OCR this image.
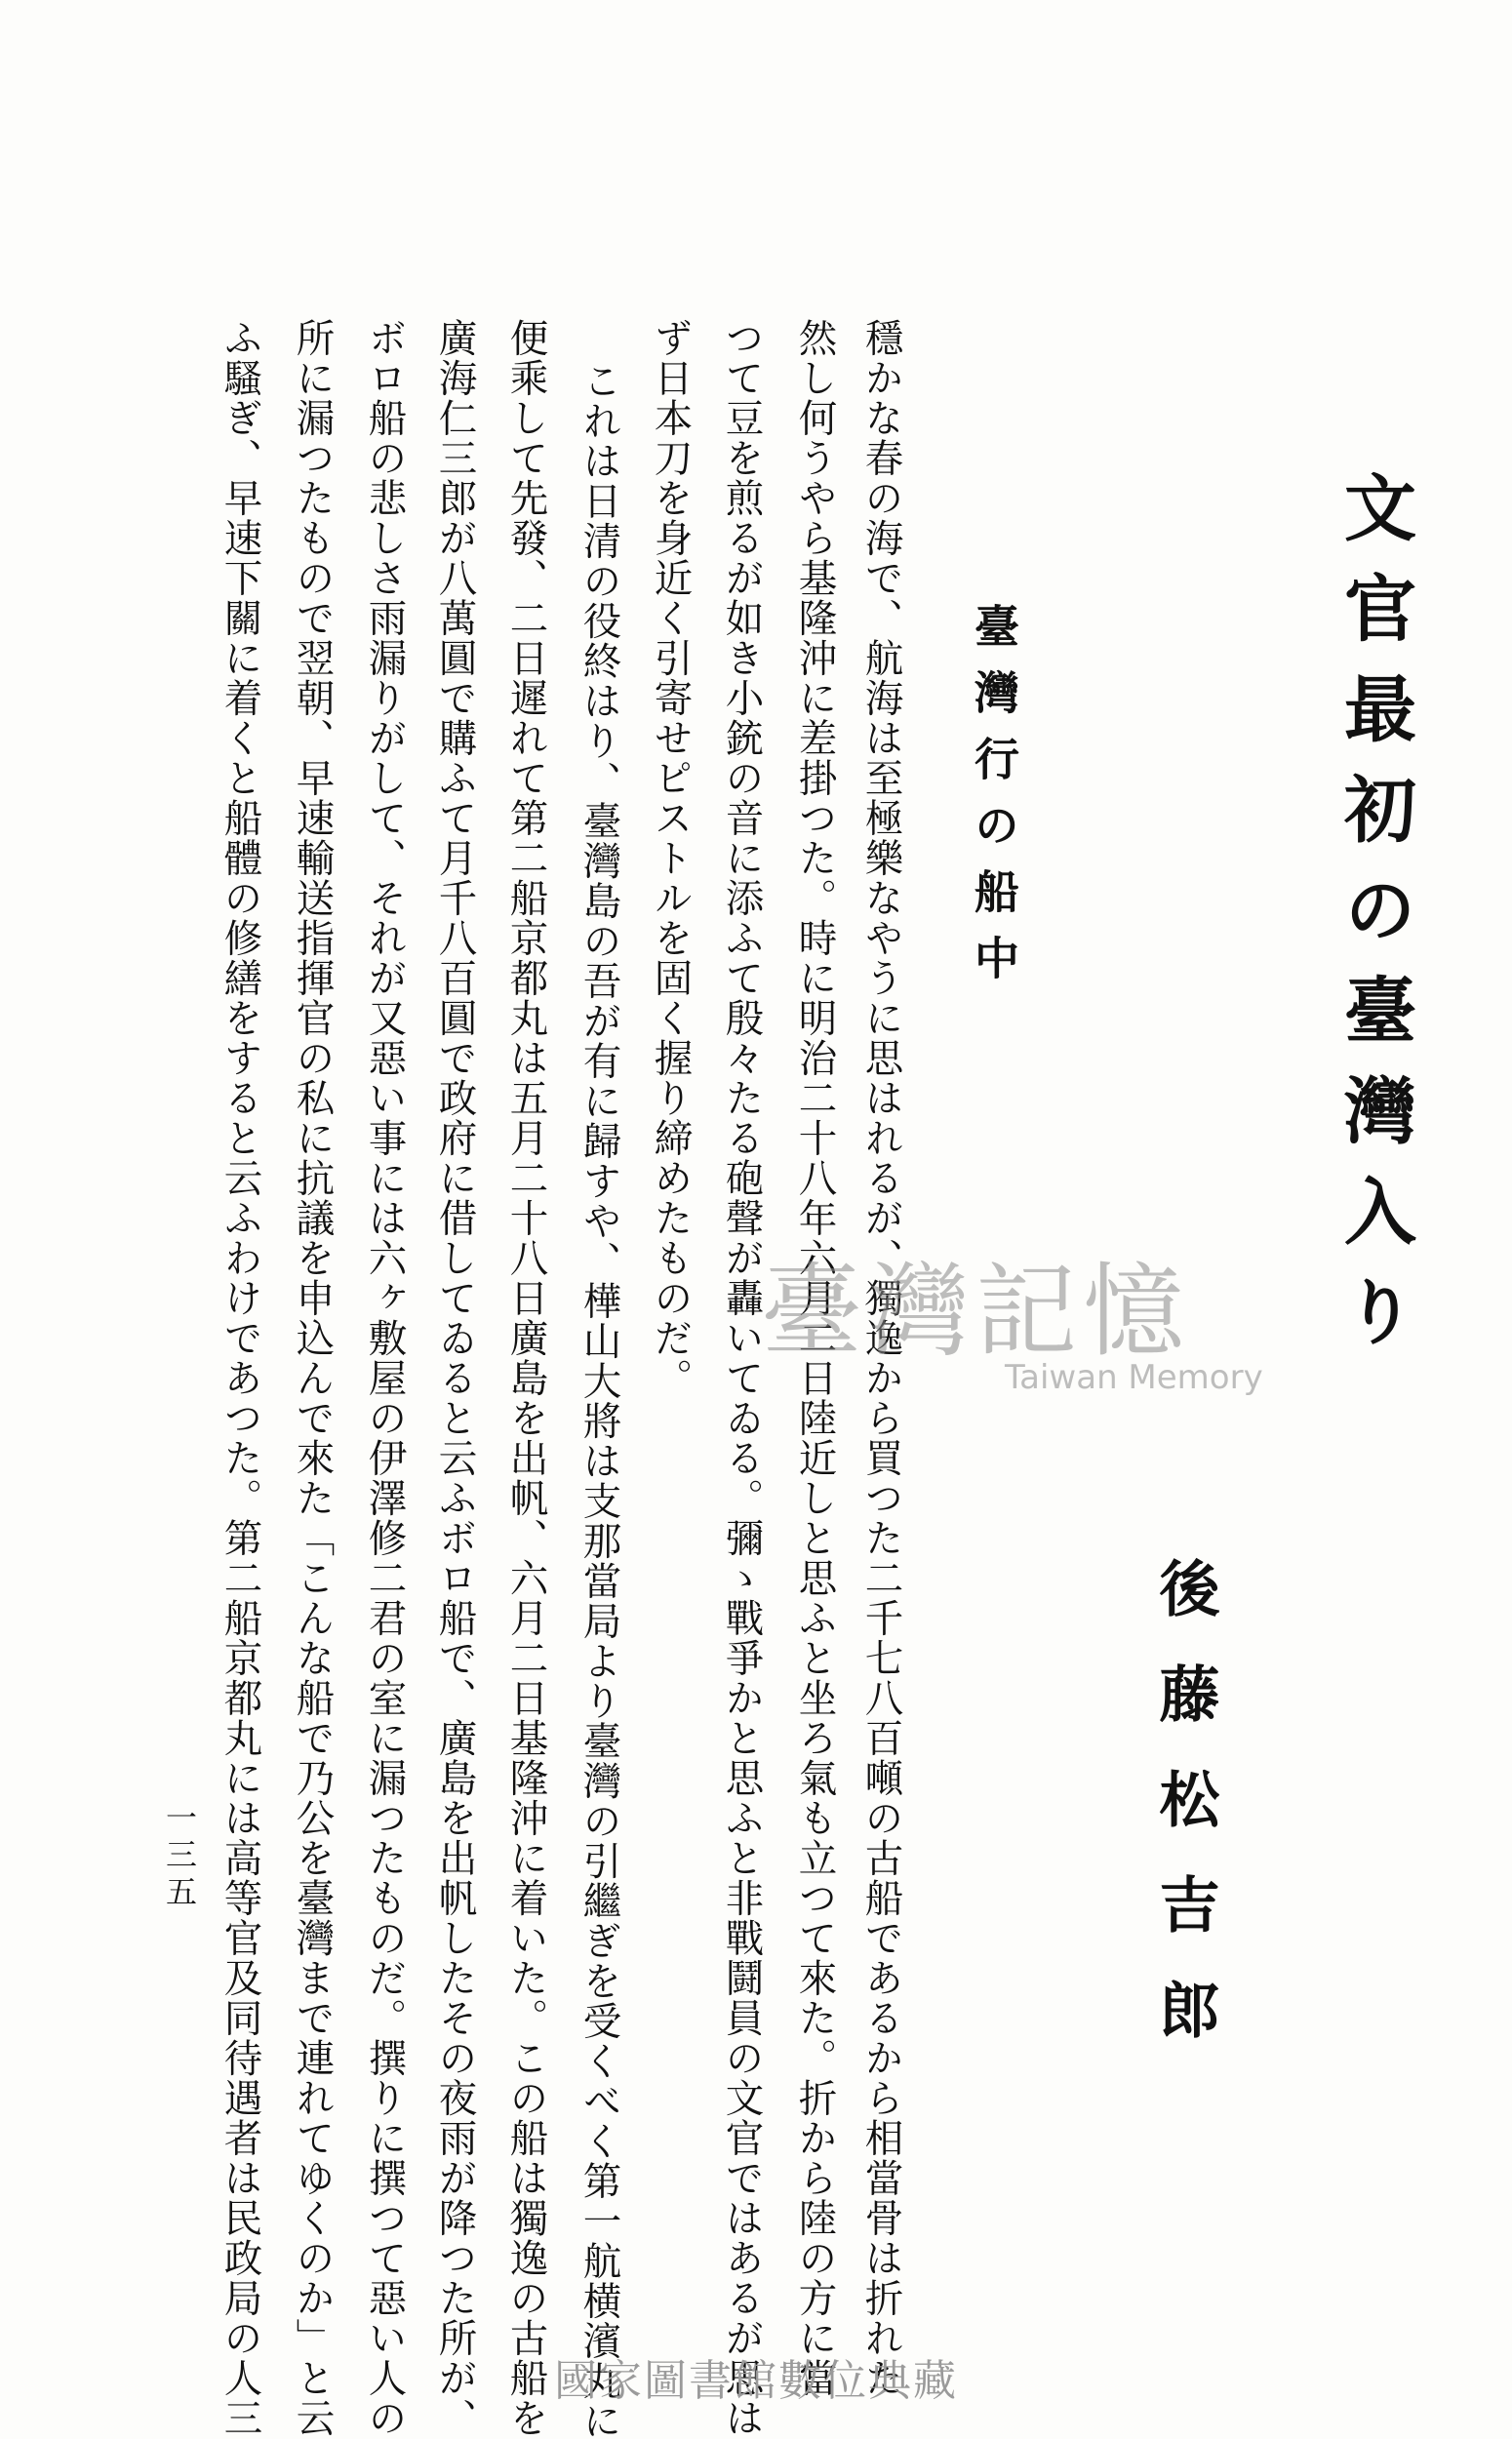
文官最初の臺灣入り
後藤松吉郎
臺灣行の船中
穩かな春の海で、航海は至極樂なやうに思はれるが、獨逸から買つた二千七八百噸の古船であるから相當骨は折れた
然し何うやら基隆沖に差掛つた。時に明治二十八年六月二日陸近しと思ふと坐ろ氣も立つて來た。折から陸の方に當
つて豆を煎るが如き小銃の音に添ふて殷々たる砲聲が轟いてゐる。彌ゝ戰爭かと思ふと非戰鬪員の文官ではあるが思は
ず日本刀を身近く引寄せピストルを固く握り締めたものだ。
これは日清の役終はり、臺灣島の吾が有に歸すや、樺山大將は支那當局より臺灣の引繼ぎを受くべく第一航横濱丸に
便乘して先發、二日遲れて第二船京都丸は五月二十八日廣島を出帆、六月二日基隆沖に着いた。この船は獨逸の古船を
廣海仁三郎が八萬圓で購ふて月千八百圓で政府に借してゐると云ふボロ船で、廣島を出帆したその夜雨が降つた所が、
ボロ船の悲しさ雨漏りがして、それが又惡い事には六ヶ敷屋の伊澤修二君の室に漏つたものだ。撰りに撰つて惡い人の
所に漏つたもので翌朝、早速輸送指揮官の私に抗議を申込んで來た「こんな船で乃公を臺灣まで連れてゆくのか」と云
ふ騷ぎ、早速下關に着くと船體の修繕をすると云ふわけであつた。第二船京都丸には高等官及同待遇者は民政局の人三
一三五
臺灣記憶
Taiwan Memory
國家圖書館數位典藏
